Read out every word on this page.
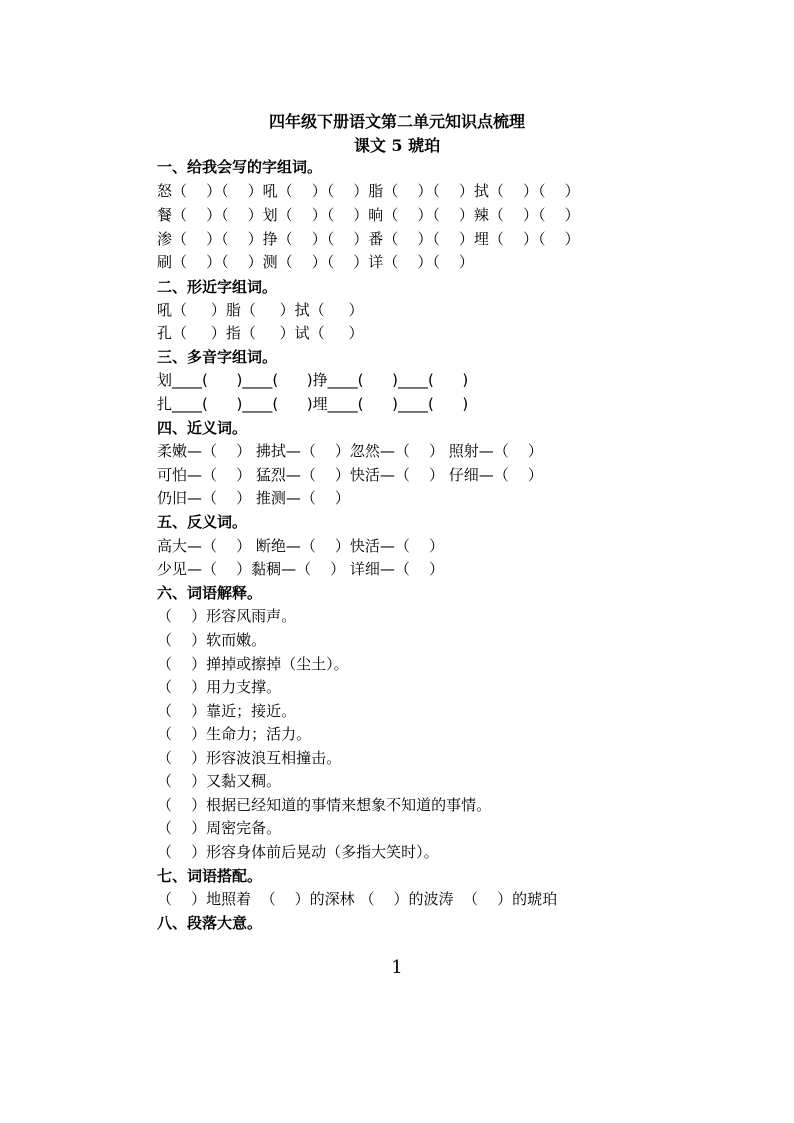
四年级下册语文第二单元知识点梳理
课文 5 琥珀
一、给我会写的字组词。
怒（    ）（    ）吼（    ）（    ）脂（    ）（    ）拭（    ）（    ）
餐（    ）（    ）划（    ）（    ）晌（    ）（    ）辣（    ）（    ）
渗（    ）（    ）挣（    ）（    ）番（    ）（    ）埋（    ）（    ）
刷（    ）（    ）测（    ）（    ）详（    ）（    ）
二、形近字组词。
吼（     ）脂（     ）拭（     ）
孔（     ）指（     ）试（     ）
三、多音字组词。
划____(      )____(      )挣____(      )____(      )
扎____(      )____(      )埋____(      )____(      )
四、近义词。
柔嫩—（    ） 拂拭—（    ）忽然—（    ） 照射—（    ）
可怕—（    ） 猛烈—（    ）快活—（    ） 仔细—（    ）
仍旧—（    ） 推测—（    ）
五、反义词。
高大—（    ） 断绝—（    ）快活—（    ）
少见—（    ）黏稠—（    ） 详细—（    ）
六、词语解释。
（    ）形容风雨声。
（    ）软而嫩。
（    ）掸掉或擦掉（尘土）。
（    ）用力支撑。
（    ）靠近；接近。
（    ）生命力；活力。
（    ）形容波浪互相撞击。
（    ）又黏又稠。
（    ）根据已经知道的事情来想象不知道的事情。
（    ）周密完备。
（    ）形容身体前后晃动（多指大笑时）。
七、词语搭配。
（    ）地照着  （    ）的深林 （    ）的波涛  （    ）的琥珀
八、段落大意。
1
